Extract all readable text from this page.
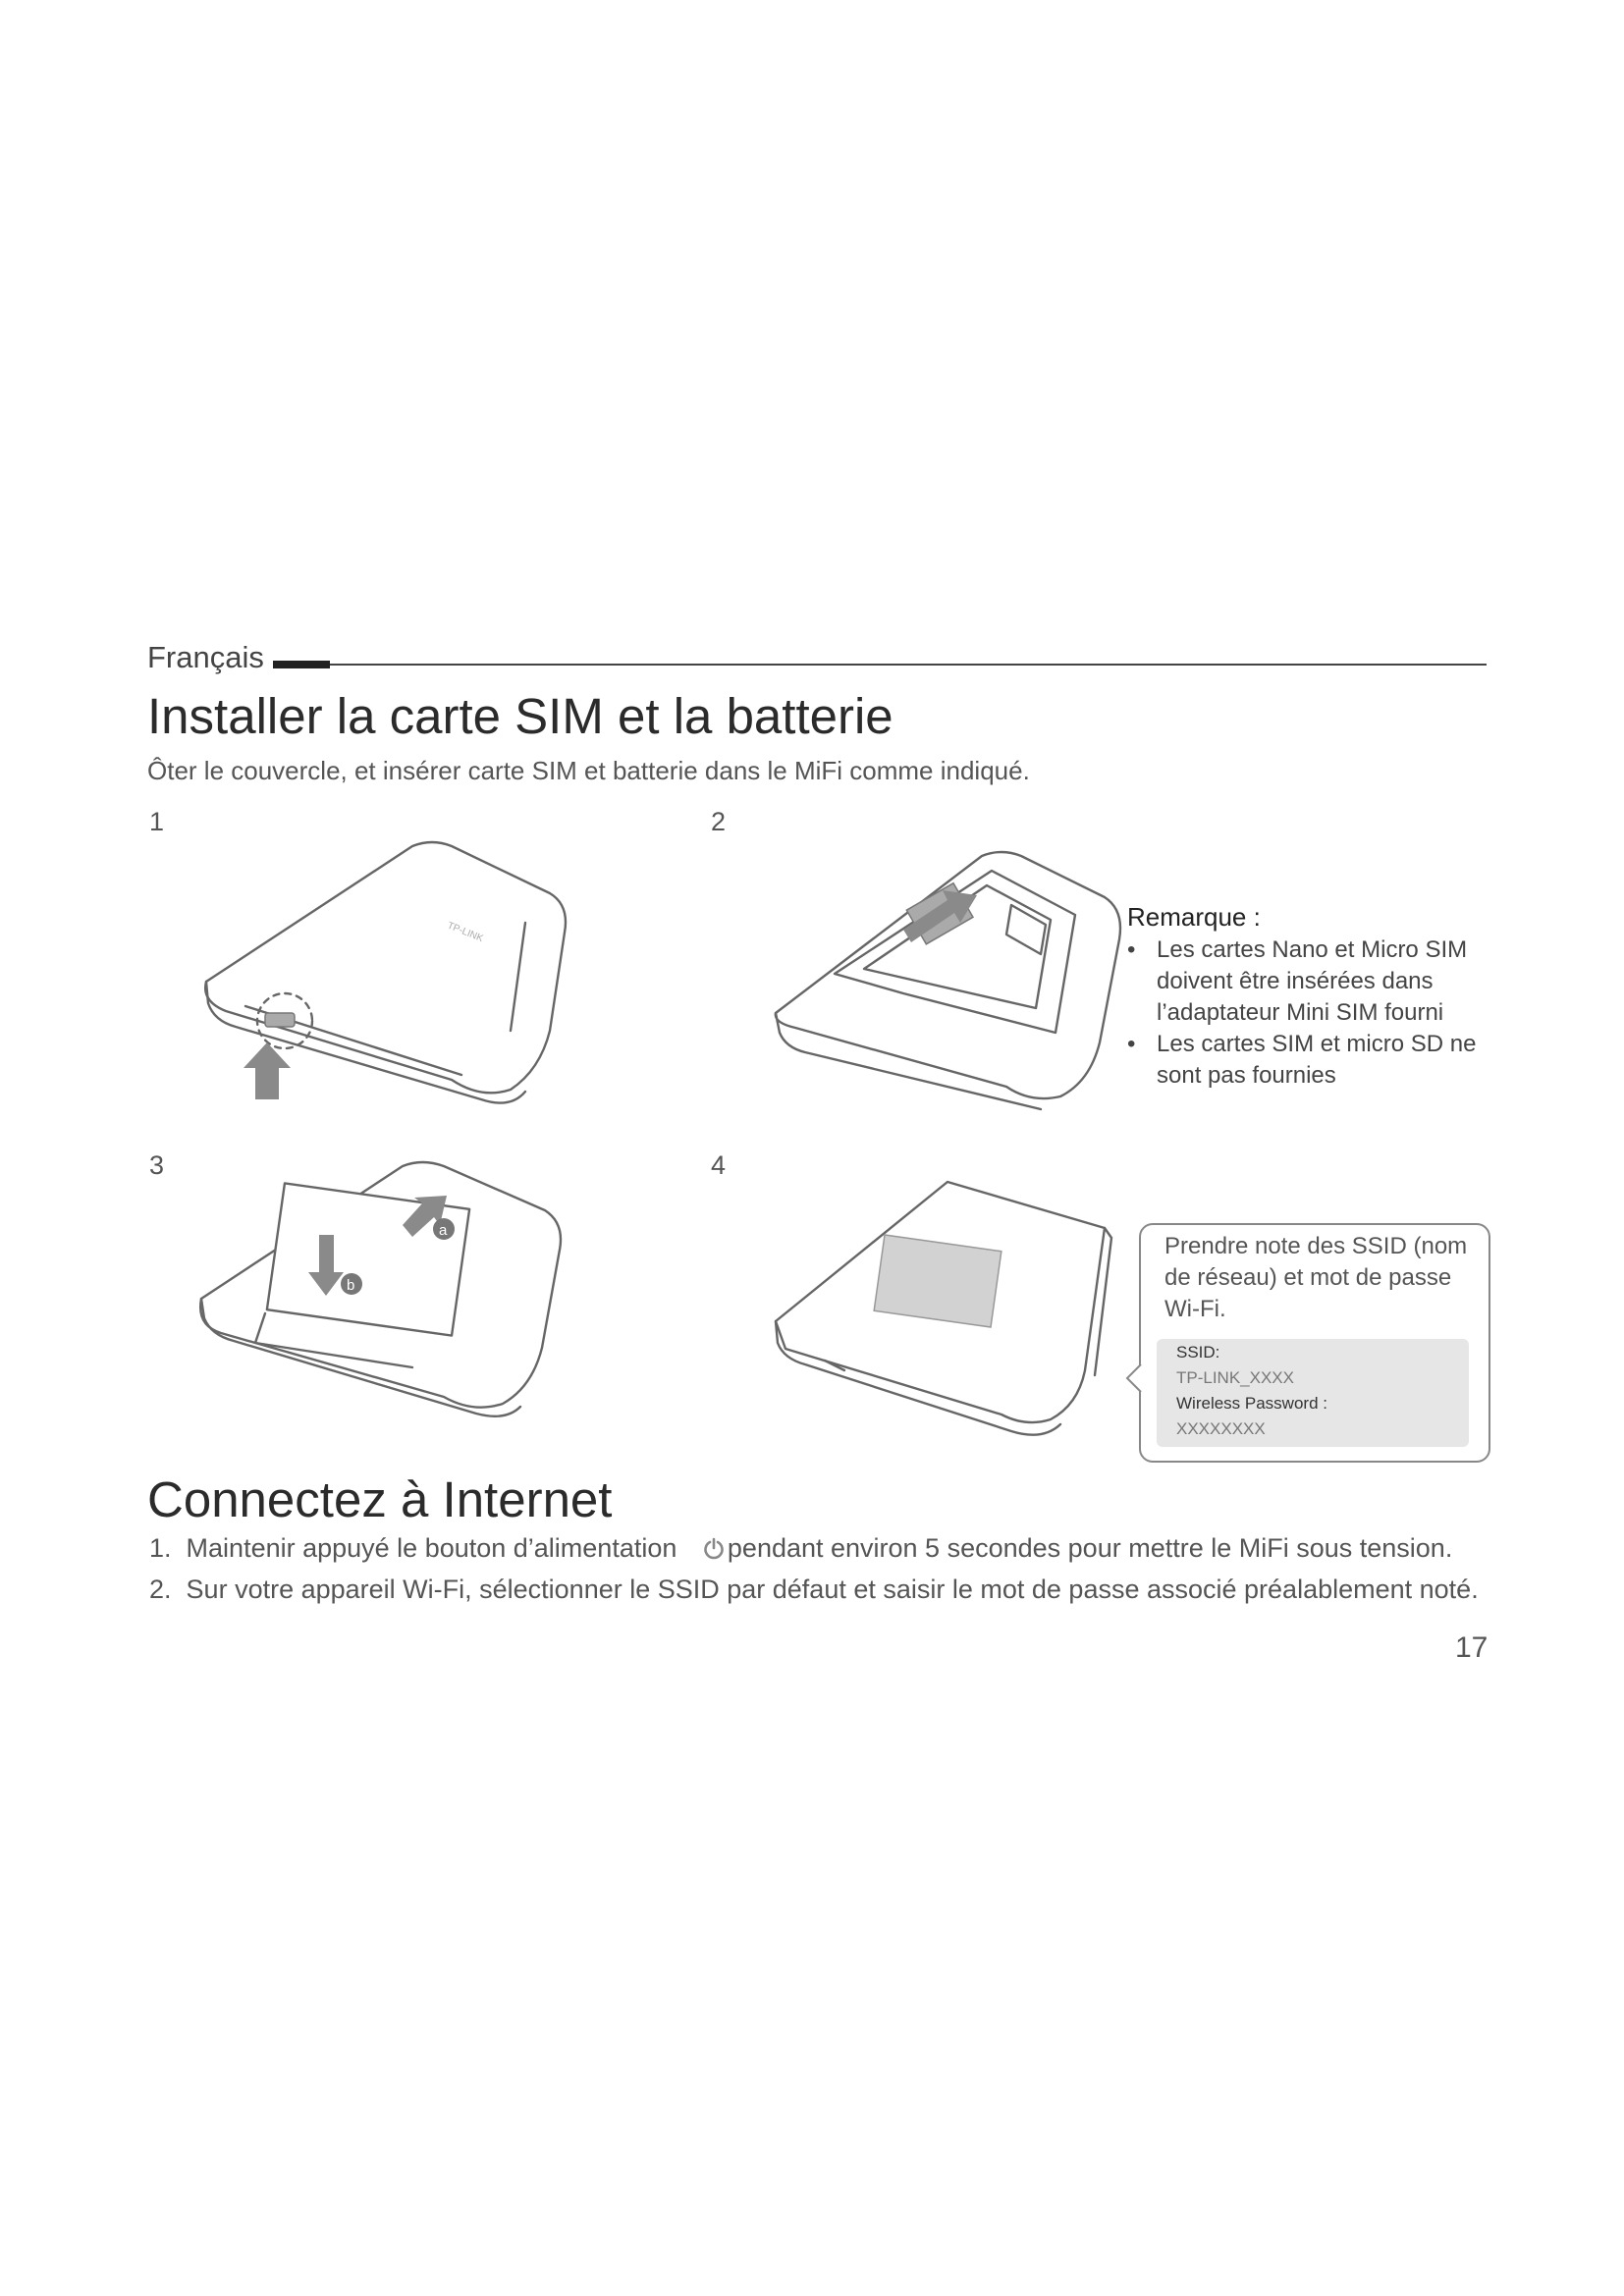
Français
Installer la carte SIM et la batterie
Ôter le couvercle, et insérer carte SIM et batterie dans le MiFi comme indiqué.
1	2
3	4
TP-LINK
Remarque :
• Les cartes Nano et Micro SIM doivent être insérées dans l’adaptateur Mini SIM fourni
• Les cartes SIM et micro SD ne sont pas fournies
a
b
Prendre note des SSID (nom de réseau) et mot de passe Wi-Fi.
SSID:
TP-LINK_XXXX
Wireless Password :
XXXXXXXX
Connectez à Internet
1. Maintenir appuyé le bouton d’alimentation pendant environ 5 secondes pour mettre le MiFi sous tension.
2. Sur votre appareil Wi-Fi, sélectionner le SSID par défaut et saisir le mot de passe associé préalablement noté.
17
